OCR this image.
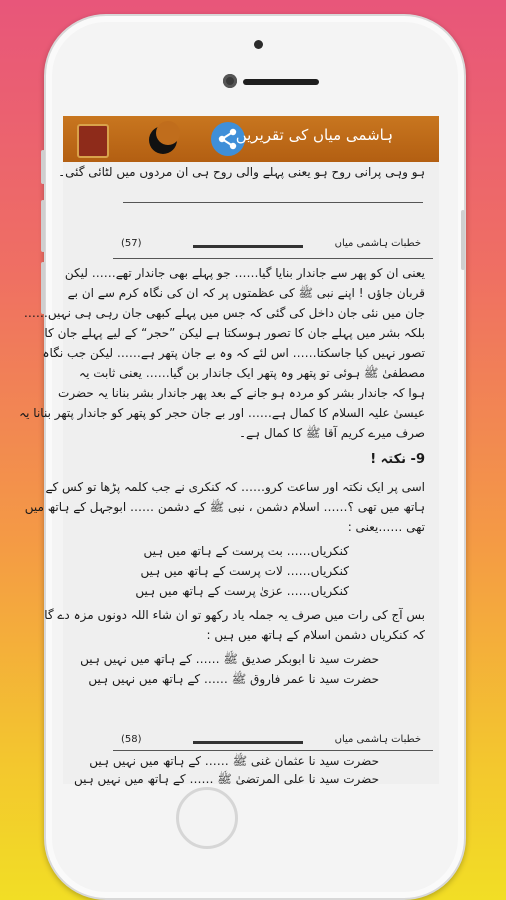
ہاشمی میاں کی تقریریں
ہو وہی پرانی روح ہو یعنی پہلے والی روح ہی ان مردوں میں لٹائی گئی۔
(57)	خطبات ہاشمی میاں
یعنی ان کو پھر سے جاندار بنایا گیا…… جو پہلے بھی جاندار تھے…… لیکن
قربان جاؤں ! اپنے نبی ﷺ کی عظمتوں پر کہ ان کی نگاہ کرم سے ان بے
جان میں نئی جان داخل کی گئی کہ جس میں پہلے کبھی جان رہی ہی نہیں……
بلکہ بشر میں پہلے جان کا تصور ہوسکتا ہے لیکن ”حجر“ کے لیے پہلے جان کا
تصور نہیں کیا جاسکتا…… اس لئے کہ وہ بے جان پتھر ہے…… لیکن جب نگاہ
مصطفیٰ ﷺ ہوئی تو پتھر وہ پتھر ایک جاندار بن گیا…… یعنی ثابت یہ
ہوا کہ جاندار بشر کو مردہ ہو جانے کے بعد پھر جاندار بشر بنانا یہ حضرت
عیسیٰ علیہ السلام کا کمال ہے…… اور بے جان حجر کو پتھر کو جاندار پتھر بنانا یہ
صرف میرے کریم آقا ﷺ کا کمال ہے۔
9- نکتہ !
اسی پر ایک نکتہ اور ساعت کرو…… کہ کنکری نے جب کلمہ پڑھا تو کس کے
ہاتھ میں تھی ؟…… اسلام دشمن ، نبی ﷺ کے دشمن …… ابوجہل کے ہاتھ میں
تھی ……یعنی :
کنکریاں…… بت پرست کے ہاتھ میں ہیں
کنکریاں…… لات پرست کے ہاتھ میں ہیں
کنکریاں…… عزیٰ پرست کے ہاتھ میں ہیں
بس آج کی رات میں صرف یہ جملہ یاد رکھو تو ان شاء اللہ دونوں مزہ دے گا
کہ کنکریاں دشمن اسلام کے ہاتھ میں ہیں :
حضرت سید نا ابوبکر صدیق ﷺ …… کے ہاتھ میں نہیں ہیں
حضرت سید نا عمر فاروق ﷺ …… کے ہاتھ میں نہیں ہیں
(58)	خطبات ہاشمی میاں
حضرت سید نا عثمان غنی ﷺ …… کے ہاتھ میں نہیں ہیں
حضرت سید نا علی المرتضیٰ ﷺ …… کے ہاتھ میں نہیں ہیں
